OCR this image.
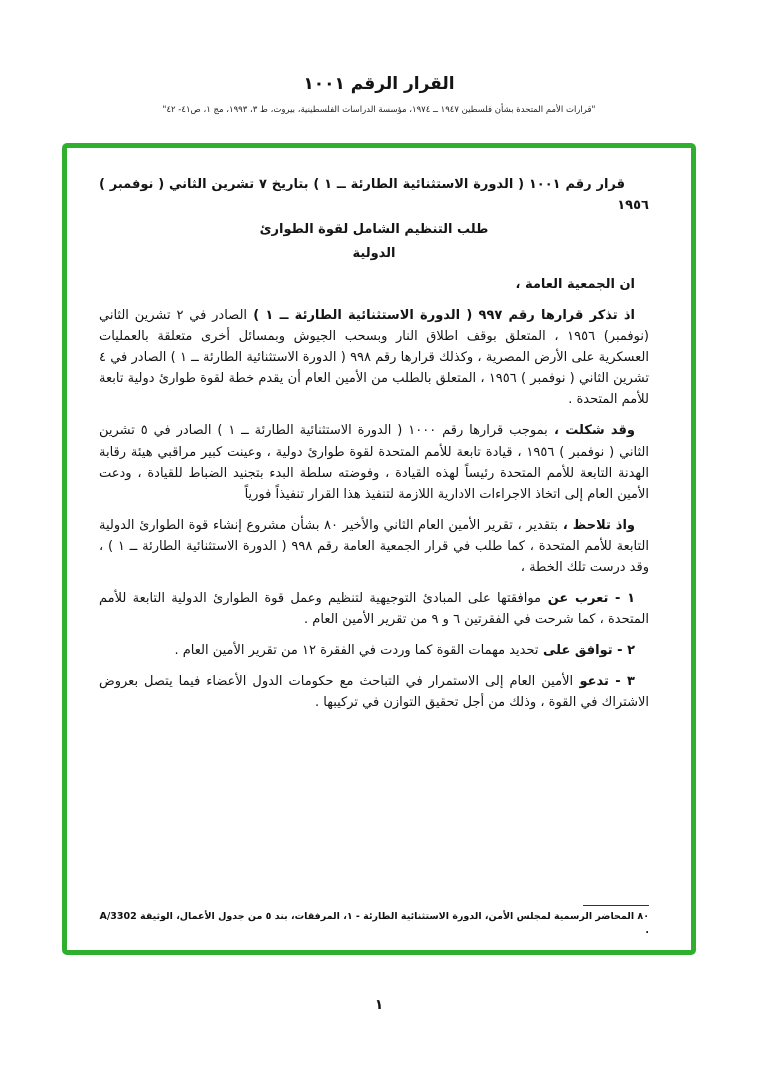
القرار الرقم ١٠٠١
"قرارات الأمم المتحدة بشأن فلسطين ١٩٤٧ ــ ١٩٧٤، مؤسسة الدراسات الفلسطينية، بيروت، ط ٣، ١٩٩٣، مج ١، ص٤١- ٤٢"

قرار رقم ١٠٠١ ( الدورة الاستثنائية الطارئة ــ ١ ) بتاريخ ٧ تشرين الثاني ( نوفمبر ) ١٩٥٦

طلب التنظيم الشامل لقوة الطوارئ

الدولية

ان الجمعية العامة ،

اذ تذكر قرارها رقم ٩٩٧ ( الدورة الاستثنائية الطارئة ــ ١ ) الصادر في ٢ تشرين الثاني (نوفمبر) ١٩٥٦ ، المتعلق بوقف اطلاق النار وبسحب الجيوش وبمسائل أخرى متعلقة بالعمليات العسكرية على الأرض المصرية ، وكذلك قرارها رقم ٩٩٨ ( الدورة الاستثنائية الطارئة ــ ١ ) الصادر في ٤ تشرين الثاني ( نوفمبر ) ١٩٥٦ ، المتعلق بالطلب من الأمين العام أن يقدم خطة لقوة طوارئ دولية تابعة للأمم المتحدة .

وقد شكلت ، بموجب قرارها رقم ١٠٠٠ ( الدورة الاستثنائية الطارئة ــ ١ ) الصادر في ٥ تشرين الثاني ( نوفمبر ) ١٩٥٦ ، قيادة تابعة للأمم المتحدة لقوة طوارئ دولية ، وعينت كبير مراقبي هيئة رقابة الهدنة التابعة للأمم المتحدة رئيساً لهذه القيادة ، وفوضته سلطة البدء بتجنيد الضباط للقيادة ، ودعت الأمين العام إلى اتخاذ الاجراءات الادارية اللازمة لتنفيذ هذا القرار تنفيذاً فورياً

واذ تلاحظ ، بتقدير ، تقرير الأمين العام الثاني والأخير ٨٠ بشأن مشروع إنشاء قوة الطوارئ الدولية التابعة للأمم المتحدة ، كما طلب في قرار الجمعية العامة رقم ٩٩٨ ( الدورة الاستثنائية الطارئة ــ ١ ) ، وقد درست تلك الخطة ،

١ - تعرب عن موافقتها على المبادئ التوجيهية لتنظيم وعمل قوة الطوارئ الدولية التابعة للأمم المتحدة ، كما شرحت في الفقرتين ٦ و ٩ من تقرير الأمين العام .

٢ - توافق على تحديد مهمات القوة كما وردت في الفقرة ١٢ من تقرير الأمين العام .

٣ - تدعو الأمين العام إلى الاستمرار في التباحث مع حكومات الدول الأعضاء فيما يتصل بعروض الاشتراك في القوة ، وذلك من أجل تحقيق التوازن في تركيبها .

٨٠ المحاضر الرسمية لمجلس الأمن، الدورة الاستثنائية الطارئة - ١، المرفقات، بند ٥ من جدول الأعمال، الوثيقة A/3302 .
١
